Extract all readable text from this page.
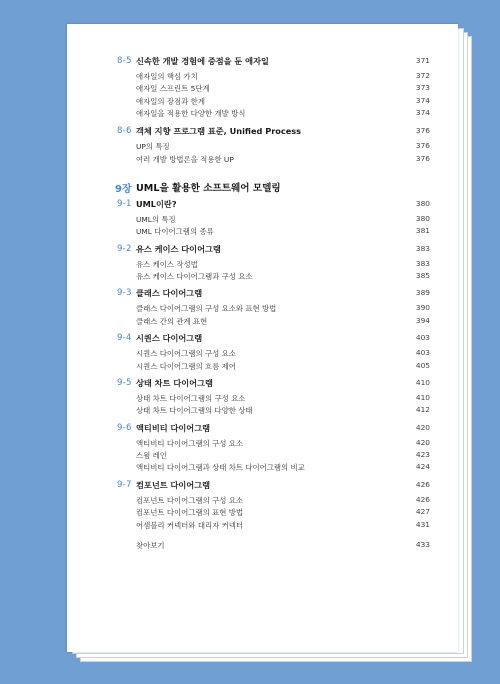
8-5 신속한 개발 경험에 중점을 둔 애자일	371
애자일의 핵심 가치	372
애자일 스프린트 5단계	373
애자일의 장점과 한계	374
애자일을 적용한 다양한 개발 방식	374
8-6 객체 지향 프로그램 표준, Unified Process	376
UP의 특징	376
여러 개발 방법론을 적용한 UP	376
9장 UML을 활용한 소프트웨어 모델링
9-1 UML이란?	380
UML의 특징	380
UML 다이어그램의 종류	381
9-2 유스 케이스 다이어그램	383
유스 케이스 작성법	383
유스 케이스 다이어그램과 구성 요소	385
9-3 클래스 다이어그램	389
클래스 다이어그램의 구성 요소와 표현 방법	390
클래스 간의 관계 표현	394
9-4 시퀀스 다이어그램	403
시퀀스 다이어그램의 구성 요소	403
시퀀스 다이어그램의 흐름 제어	405
9-5 상태 차트 다이어그램	410
상태 차트 다이어그램의 구성 요소	410
상태 차트 다이어그램의 다양한 상태	412
9-6 액티비티 다이어그램	420
액티비티 다이어그램의 구성 요소	420
스윔 레인	423
액티비티 다이어그램과 상태 차트 다이어그램의 비교	424
9-7 컴포넌트 다이어그램	426
컴포넌트 다이어그램의 구성 요소	426
컴포넌트 다이어그램의 표현 방법	427
어셈블리 커넥터와 대리자 커넥터	431
찾아보기	433
